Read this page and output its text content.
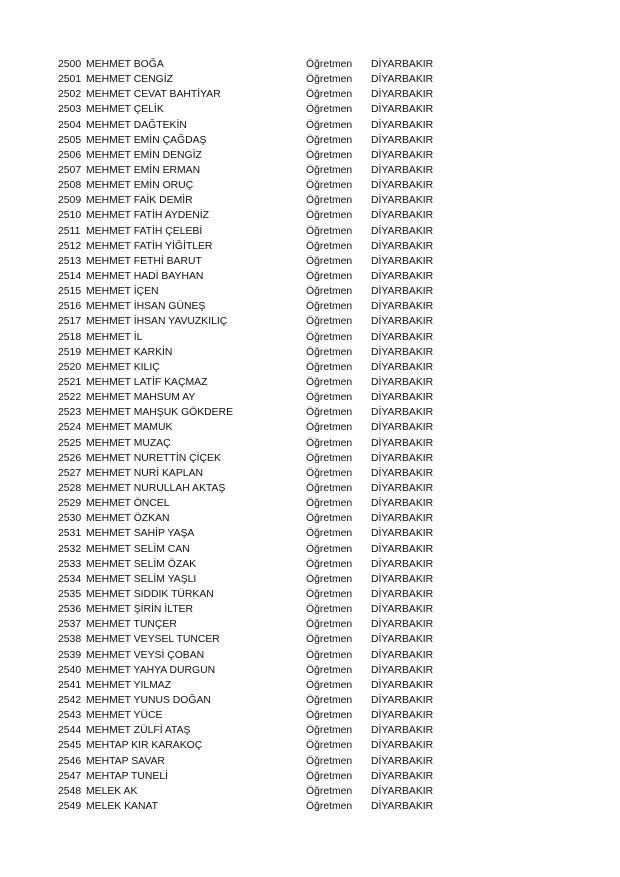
2500 MEHMET BOĞA	Öğretmen	DİYARBAKIR
2501 MEHMET CENGİZ	Öğretmen	DİYARBAKIR
2502 MEHMET CEVAT BAHTİYAR	Öğretmen	DİYARBAKIR
2503 MEHMET ÇELİK	Öğretmen	DİYARBAKIR
2504 MEHMET DAĞTEKİN	Öğretmen	DİYARBAKIR
2505 MEHMET EMİN ÇAĞDAŞ	Öğretmen	DİYARBAKIR
2506 MEHMET EMİN DENGİZ	Öğretmen	DİYARBAKIR
2507 MEHMET EMİN ERMAN	Öğretmen	DİYARBAKIR
2508 MEHMET EMİN ORUÇ	Öğretmen	DİYARBAKIR
2509 MEHMET FAİK DEMİR	Öğretmen	DİYARBAKIR
2510 MEHMET FATİH AYDENİZ	Öğretmen	DİYARBAKIR
2511 MEHMET FATİH ÇELEBİ	Öğretmen	DİYARBAKIR
2512 MEHMET FATİH YİĞİTLER	Öğretmen	DİYARBAKIR
2513 MEHMET FETHİ BARUT	Öğretmen	DİYARBAKIR
2514 MEHMET HADİ BAYHAN	Öğretmen	DİYARBAKIR
2515 MEHMET İÇEN	Öğretmen	DİYARBAKIR
2516 MEHMET İHSAN GÜNEŞ	Öğretmen	DİYARBAKIR
2517 MEHMET İHSAN YAVUZKILIÇ	Öğretmen	DİYARBAKIR
2518 MEHMET İL	Öğretmen	DİYARBAKIR
2519 MEHMET KARKİN	Öğretmen	DİYARBAKIR
2520 MEHMET KILIÇ	Öğretmen	DİYARBAKIR
2521 MEHMET LATİF KAÇMAZ	Öğretmen	DİYARBAKIR
2522 MEHMET MAHSUM AY	Öğretmen	DİYARBAKIR
2523 MEHMET MAHŞUK GÖKDERE	Öğretmen	DİYARBAKIR
2524 MEHMET MAMUK	Öğretmen	DİYARBAKIR
2525 MEHMET MUZAÇ	Öğretmen	DİYARBAKIR
2526 MEHMET NURETTİN ÇİÇEK	Öğretmen	DİYARBAKIR
2527 MEHMET NURİ KAPLAN	Öğretmen	DİYARBAKIR
2528 MEHMET NURULLAH AKTAŞ	Öğretmen	DİYARBAKIR
2529 MEHMET ÖNCEL	Öğretmen	DİYARBAKIR
2530 MEHMET ÖZKAN	Öğretmen	DİYARBAKIR
2531 MEHMET SAHİP YAŞA	Öğretmen	DİYARBAKIR
2532 MEHMET SELİM CAN	Öğretmen	DİYARBAKIR
2533 MEHMET SELİM ÖZAK	Öğretmen	DİYARBAKIR
2534 MEHMET SELİM YAŞLI	Öğretmen	DİYARBAKIR
2535 MEHMET SIDDIK TÜRKAN	Öğretmen	DİYARBAKIR
2536 MEHMET ŞİRİN İLTER	Öğretmen	DİYARBAKIR
2537 MEHMET TUNÇER	Öğretmen	DİYARBAKIR
2538 MEHMET VEYSEL TUNCER	Öğretmen	DİYARBAKIR
2539 MEHMET VEYSİ ÇOBAN	Öğretmen	DİYARBAKIR
2540 MEHMET YAHYA DURGUN	Öğretmen	DİYARBAKIR
2541 MEHMET YILMAZ	Öğretmen	DİYARBAKIR
2542 MEHMET YUNUS DOĞAN	Öğretmen	DİYARBAKIR
2543 MEHMET YÜCE	Öğretmen	DİYARBAKIR
2544 MEHMET ZÜLFİ ATAŞ	Öğretmen	DİYARBAKIR
2545 MEHTAP KIR KARAKOÇ	Öğretmen	DİYARBAKIR
2546 MEHTAP SAVAR	Öğretmen	DİYARBAKIR
2547 MEHTAP TUNELİ	Öğretmen	DİYARBAKIR
2548 MELEK AK	Öğretmen	DİYARBAKIR
2549 MELEK KANAT	Öğretmen	DİYARBAKIR
